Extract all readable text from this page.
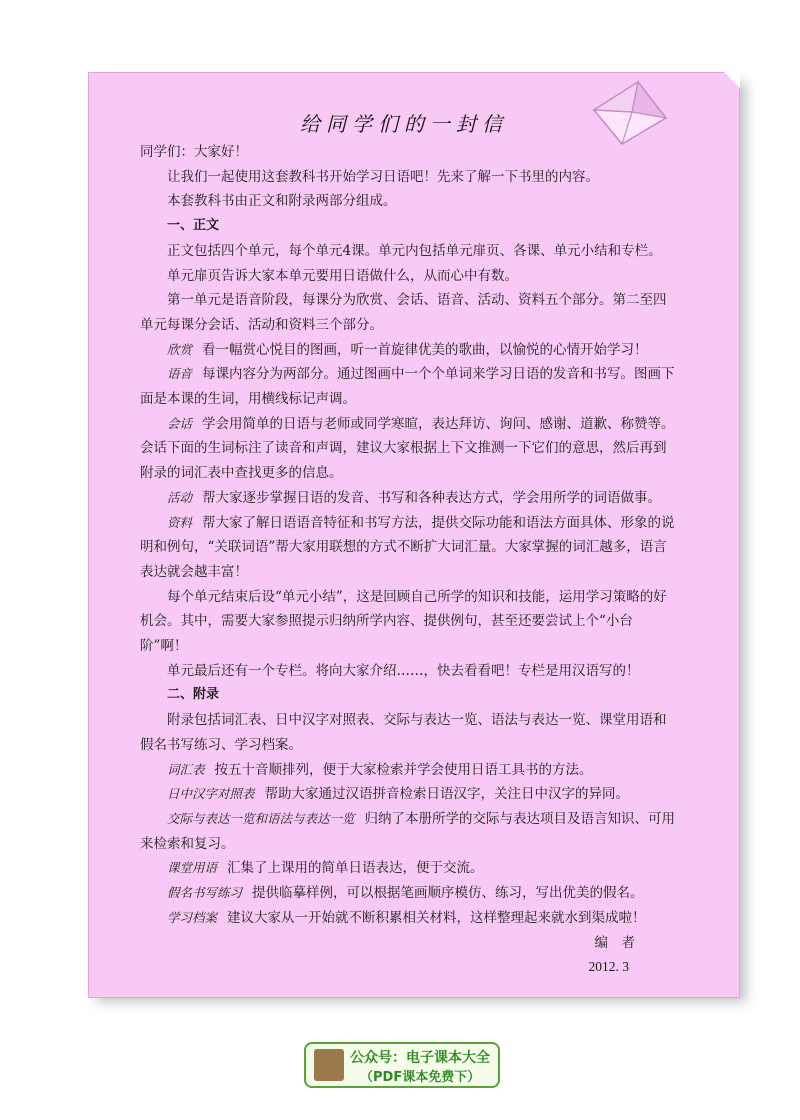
给同学们的一封信

同学们：大家好！

让我们一起使用这套教科书开始学习日语吧！先来了解一下书里的内容。

本套教科书由正文和附录两部分组成。

一、正文

正文包括四个单元，每个单元4课。单元内包括单元扉页、各课、单元小结和专栏。

单元扉页告诉大家本单元要用日语做什么，从而心中有数。

第一单元是语音阶段，每课分为欣赏、会话、语音、活动、资料五个部分。第二至四单元每课分会话、活动和资料三个部分。

欣赏 看一幅赏心悦目的图画，听一首旋律优美的歌曲，以愉悦的心情开始学习！

语音 每课内容分为两部分。通过图画中一个个单词来学习日语的发音和书写。图画下面是本课的生词，用横线标记声调。

会话 学会用简单的日语与老师或同学寒暄，表达拜访、询问、感谢、道歉、称赞等。会话下面的生词标注了读音和声调，建议大家根据上下文推测一下它们的意思，然后再到附录的词汇表中查找更多的信息。

活动 帮大家逐步掌握日语的发音、书写和各种表达方式，学会用所学的词语做事。

资料 帮大家了解日语语音特征和书写方法，提供交际功能和语法方面具体、形象的说明和例句，“关联词语”帮大家用联想的方式不断扩大词汇量。大家掌握的词汇越多，语言表达就会越丰富！

每个单元结束后设“单元小结”，这是回顾自己所学的知识和技能，运用学习策略的好机会。其中，需要大家参照提示归纳所学内容、提供例句，甚至还要尝试上个“小台阶”啊！

单元最后还有一个专栏。将向大家介绍……，快去看看吧！专栏是用汉语写的！

二、附录

附录包括词汇表、日中汉字对照表、交际与表达一览、语法与表达一览、课堂用语和假名书写练习、学习档案。

词汇表 按五十音顺排列，便于大家检索并学会使用日语工具书的方法。

日中汉字对照表 帮助大家通过汉语拼音检索日语汉字，关注日中汉字的异同。

交际与表达一览和语法与表达一览 归纳了本册所学的交际与表达项目及语言知识、可用来检索和复习。

课堂用语 汇集了上课用的简单日语表达，便于交流。

假名书写练习 提供临摹样例，可以根据笔画顺序模仿、练习，写出优美的假名。

学习档案 建议大家从一开始就不断积累相关材料，这样整理起来就水到渠成啦！

编　者

2012. 3

公众号：电子课本大全
（PDF课本免费下）
